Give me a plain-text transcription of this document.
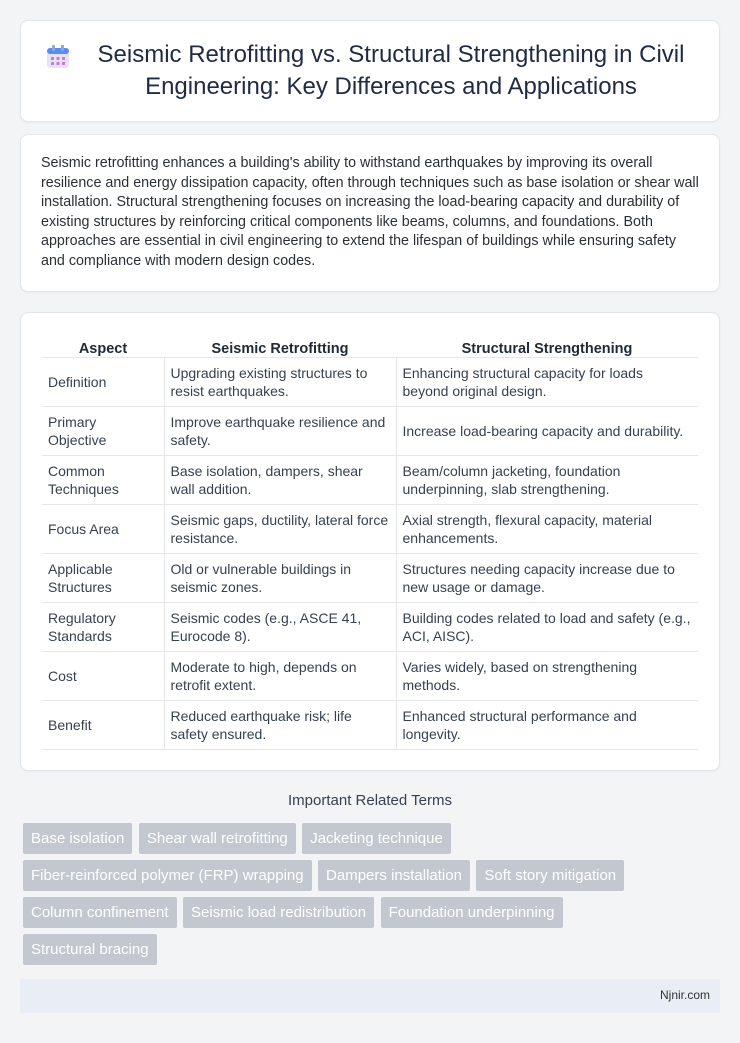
Seismic Retrofitting vs. Structural Strengthening in Civil Engineering: Key Differences and Applications

Seismic retrofitting enhances a building's ability to withstand earthquakes by improving its overall resilience and energy dissipation capacity, often through techniques such as base isolation or shear wall installation. Structural strengthening focuses on increasing the load-bearing capacity and durability of existing structures by reinforcing critical components like beams, columns, and foundations. Both approaches are essential in civil engineering to extend the lifespan of buildings while ensuring safety and compliance with modern design codes.

Aspect	Seismic Retrofitting	Structural Strengthening
Definition	Upgrading existing structures to resist earthquakes.	Enhancing structural capacity for loads beyond original design.
Primary Objective	Improve earthquake resilience and safety.	Increase load-bearing capacity and durability.
Common Techniques	Base isolation, dampers, shear wall addition.	Beam/column jacketing, foundation underpinning, slab strengthening.
Focus Area	Seismic gaps, ductility, lateral force resistance.	Axial strength, flexural capacity, material enhancements.
Applicable Structures	Old or vulnerable buildings in seismic zones.	Structures needing capacity increase due to new usage or damage.
Regulatory Standards	Seismic codes (e.g., ASCE 41, Eurocode 8).	Building codes related to load and safety (e.g., ACI, AISC).
Cost	Moderate to high, depends on retrofit extent.	Varies widely, based on strengthening methods.
Benefit	Reduced earthquake risk; life safety ensured.	Enhanced structural performance and longevity.
Important Related Terms
Base isolation Shear wall retrofitting Jacketing technique
Fiber-reinforced polymer (FRP) wrapping Dampers installation Soft story mitigation
Column confinement Seismic load redistribution Foundation underpinning
Structural bracing
Njnir.com
